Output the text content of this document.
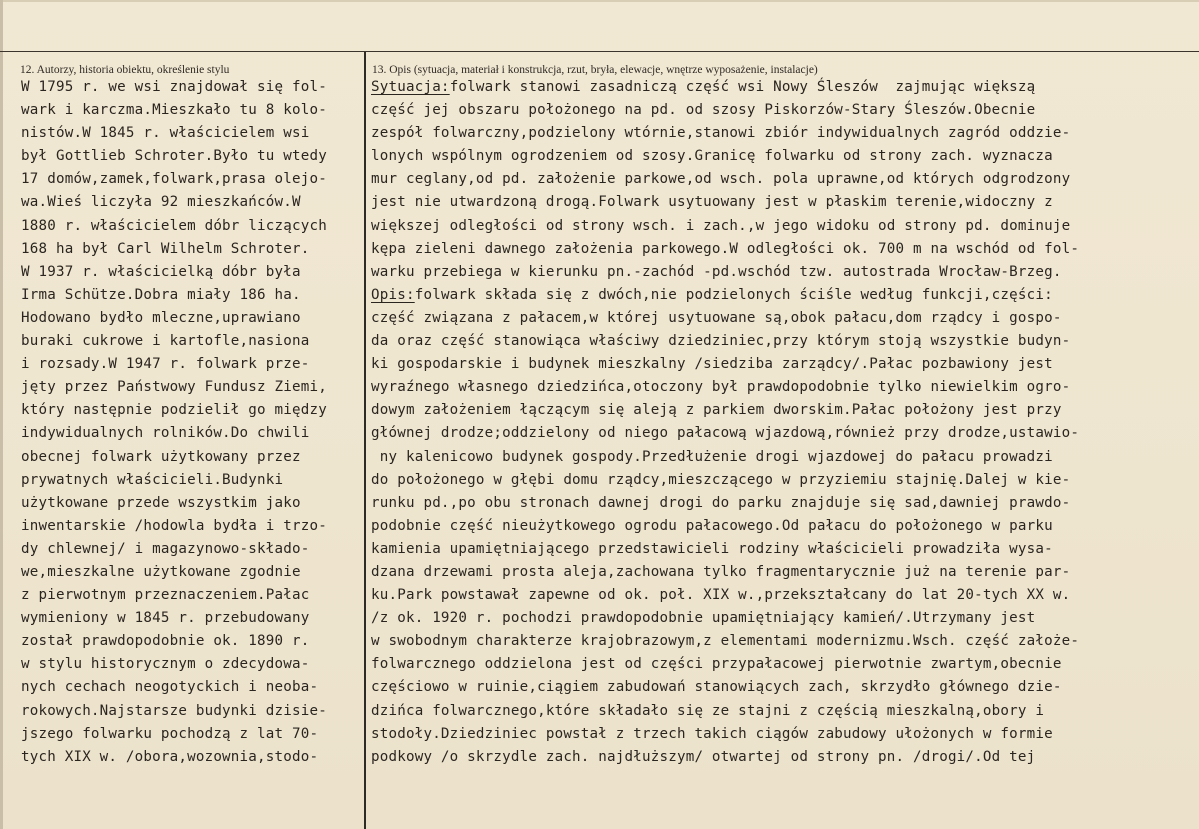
12. Autorzy, historia obiektu, określenie stylu	13. Opis (sytuacja, materiał i konstrukcja, rzut, bryła, elewacje, wnętrze wyposażenie, instalacje)
W 1795 r. we wsi znajdował się fol-
wark i karczma.Mieszkało tu 8 kolo-
nistów.W 1845 r. właścicielem wsi
był Gottlieb Schroter.Było tu wtedy
17 domów,zamek,folwark,prasa olejo-
wa.Wieś liczyła 92 mieszkańców.W
1880 r. właścicielem dóbr liczących
168 ha był Carl Wilhelm Schroter.
W 1937 r. właścicielką dóbr była
Irma Schütze.Dobra miały 186 ha.
Hodowano bydło mleczne,uprawiano
buraki cukrowe i kartofle,nasiona
i rozsady.W 1947 r. folwark prze-
jęty przez Państwowy Fundusz Ziemi,
który następnie podzielił go między
indywidualnych rolników.Do chwili
obecnej folwark użytkowany przez
prywatnych właścicieli.Budynki
użytkowane przede wszystkim jako
inwentarskie /hodowla bydła i trzo-
dy chlewnej/ i magazynowo-składo-
we,mieszkalne użytkowane zgodnie
z pierwotnym przeznaczeniem.Pałac
wymieniony w 1845 r. przebudowany
został prawdopodobnie ok. 1890 r.
w stylu historycznym o zdecydowa-
nych cechach neogotyckich i neoba-
rokowych.Najstarsze budynki dzisie-
jszego folwarku pochodzą z lat 70-
tych XIX w. /obora,wozownia,stodo-
Sytuacja:folwark stanowi zasadniczą część wsi Nowy Śleszów  zajmując większą
część jej obszaru położonego na pd. od szosy Piskorzów-Stary Śleszów.Obecnie
zespół folwarczny,podzielony wtórnie,stanowi zbiór indywidualnych zagród oddzie-
lonych wspólnym ogrodzeniem od szosy.Granicę folwarku od strony zach. wyznacza
mur ceglany,od pd. założenie parkowe,od wsch. pola uprawne,od których odgrodzony
jest nie utwardzoną drogą.Folwark usytuowany jest w płaskim terenie,widoczny z
większej odległości od strony wsch. i zach.,w jego widoku od strony pd. dominuje
kępa zieleni dawnego założenia parkowego.W odległości ok. 700 m na wschód od fol-
warku przebiega w kierunku pn.-zachód -pd.wschód tzw. autostrada Wrocław-Brzeg.
Opis:folwark składa się z dwóch,nie podzielonych ściśle według funkcji,części:
część związana z pałacem,w której usytuowane są,obok pałacu,dom rządcy i gospo-
da oraz część stanowiąca właściwy dziedziniec,przy którym stoją wszystkie budyn-
ki gospodarskie i budynek mieszkalny /siedziba zarządcy/.Pałac pozbawiony jest
wyraźnego własnego dziedzińca,otoczony był prawdopodobnie tylko niewielkim ogro-
dowym założeniem łączącym się aleją z parkiem dworskim.Pałac położony jest przy
głównej drodze;oddzielony od niego pałacową wjazdową,również przy drodze,ustawio-
ny kalenicowo budynek gospody.Przedłużenie drogi wjazdowej do pałacu prowadzi
do położonego w głębi domu rządcy,mieszczącego w przyziemiu stajnię.Dalej w kie-
runku pd.,po obu stronach dawnej drogi do parku znajduje się sad,dawniej prawdo-
podobnie część nieużytkowego ogrodu pałacowego.Od pałacu do położonego w parku
kamienia upamiętniającego przedstawicieli rodziny właścicieli prowadziła wysa-
dzana drzewami prosta aleja,zachowana tylko fragmentarycznie już na terenie par-
ku.Park powstawał zapewne od ok. poł. XIX w.,przekształcany do lat 20-tych XX w.
/z ok. 1920 r. pochodzi prawdopodobnie upamiętniający kamień/.Utrzymany jest
w swobodnym charakterze krajobrazowym,z elementami modernizmu.Wsch. część założe-
folwarcznego oddzielona jest od części przypałacowej pierwotnie zwartym,obecnie
częściowo w ruinie,ciągiem zabudowań stanowiących zach, skrzydło głównego dzie-
dzińca folwarcznego,które składało się ze stajni z częścią mieszkalną,obory i
stodoły.Dziedziniec powstał z trzech takich ciągów zabudowy ułożonych w formie
podkowy /o skrzydle zach. najdłuższym/ otwartej od strony pn. /drogi/.Od tej
